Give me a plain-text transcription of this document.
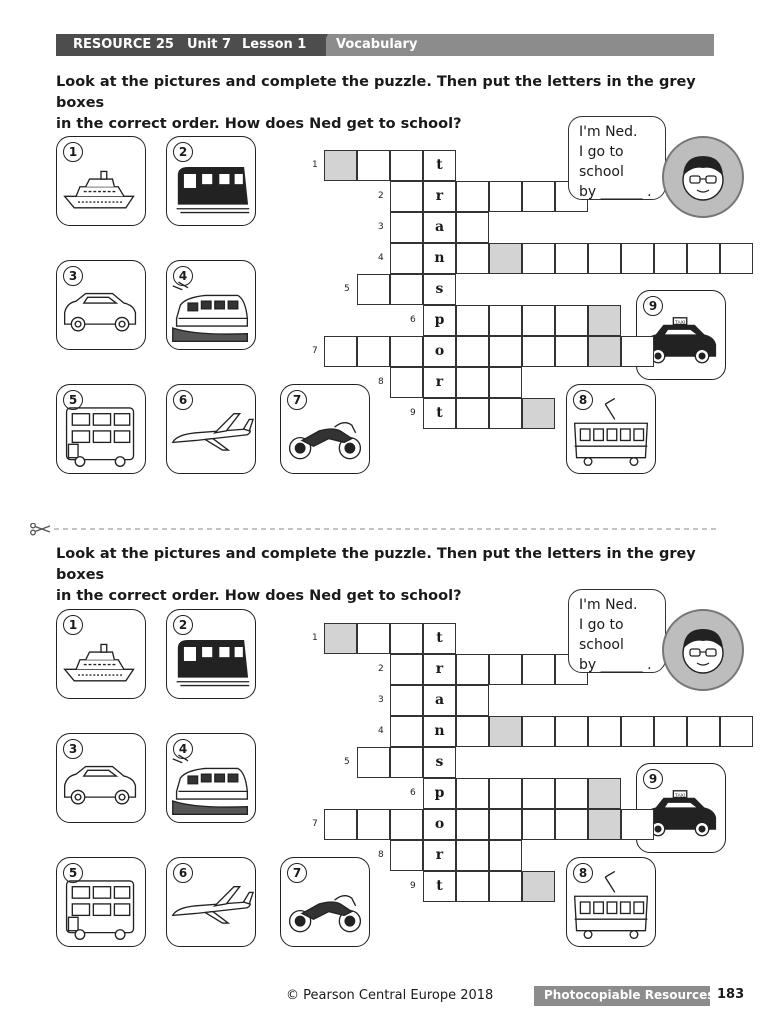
RESOURCE 25 Unit 7 Lesson 1 Vocabulary
Look at the pictures and complete the puzzle. Then put the letters in the grey boxes
in the correct order. How does Ned get to school?
1	2
3	4
5	6	7	8
TAXI
9
1	t
2	r
3	a
4	n
5	s
6	p
7	o
8	r
9	t
I'm Ned.
I go to
school
by ______ .
Look at the pictures and complete the puzzle. Then put the letters in the grey boxes
in the correct order. How does Ned get to school?
1	2
3	4
5	6	7	8
TAXI
9
1	t
2	r
3	a
4	n
5	s
6	p
7	o
8	r
9	t
I'm Ned.
I go to
school
by ______ .
© Pearson Central Europe 2018	Photocopiable Resources 183
